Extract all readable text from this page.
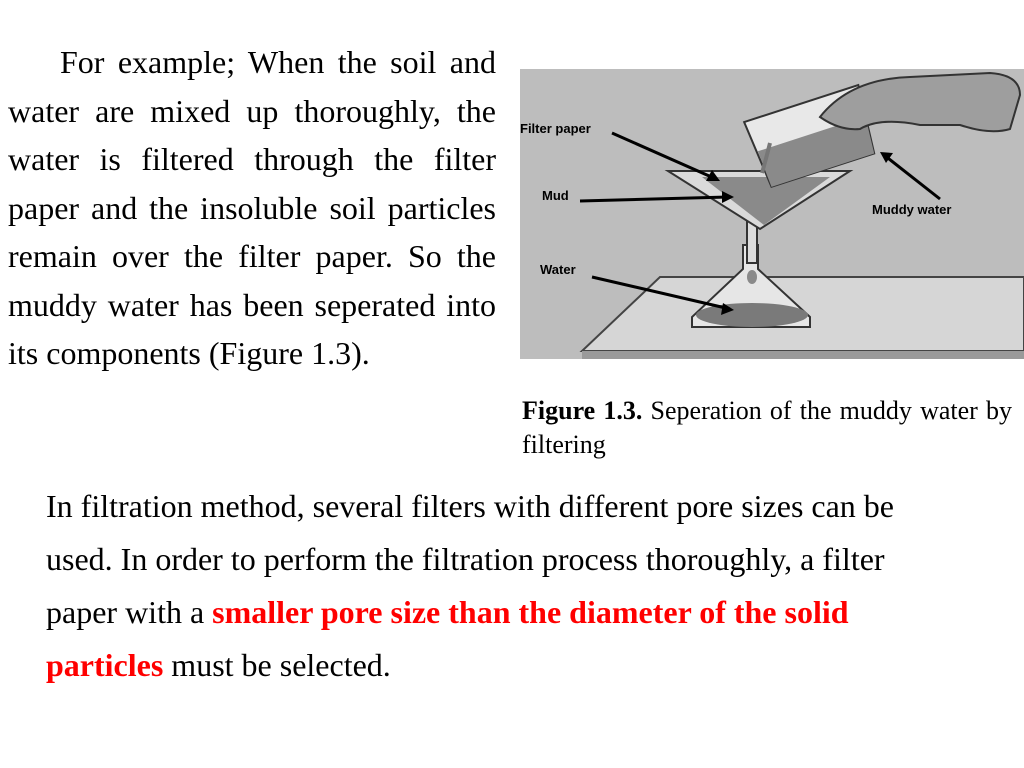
For example; When the soil and water are mixed up thoroughly, the water is filtered through the filter paper and the insoluble soil particles remain over the filter paper. So the muddy water has been seperated into its components (Figure 1.3).
Filter paper
Mud
Water
Muddy water
Figure 1.3. Seperation of the muddy water by filtering
In filtration method, several filters with different pore sizes can be used. In order to perform the filtration process thoroughly, a filter paper with a smaller pore size than the diameter of the solid particles must be selected.
